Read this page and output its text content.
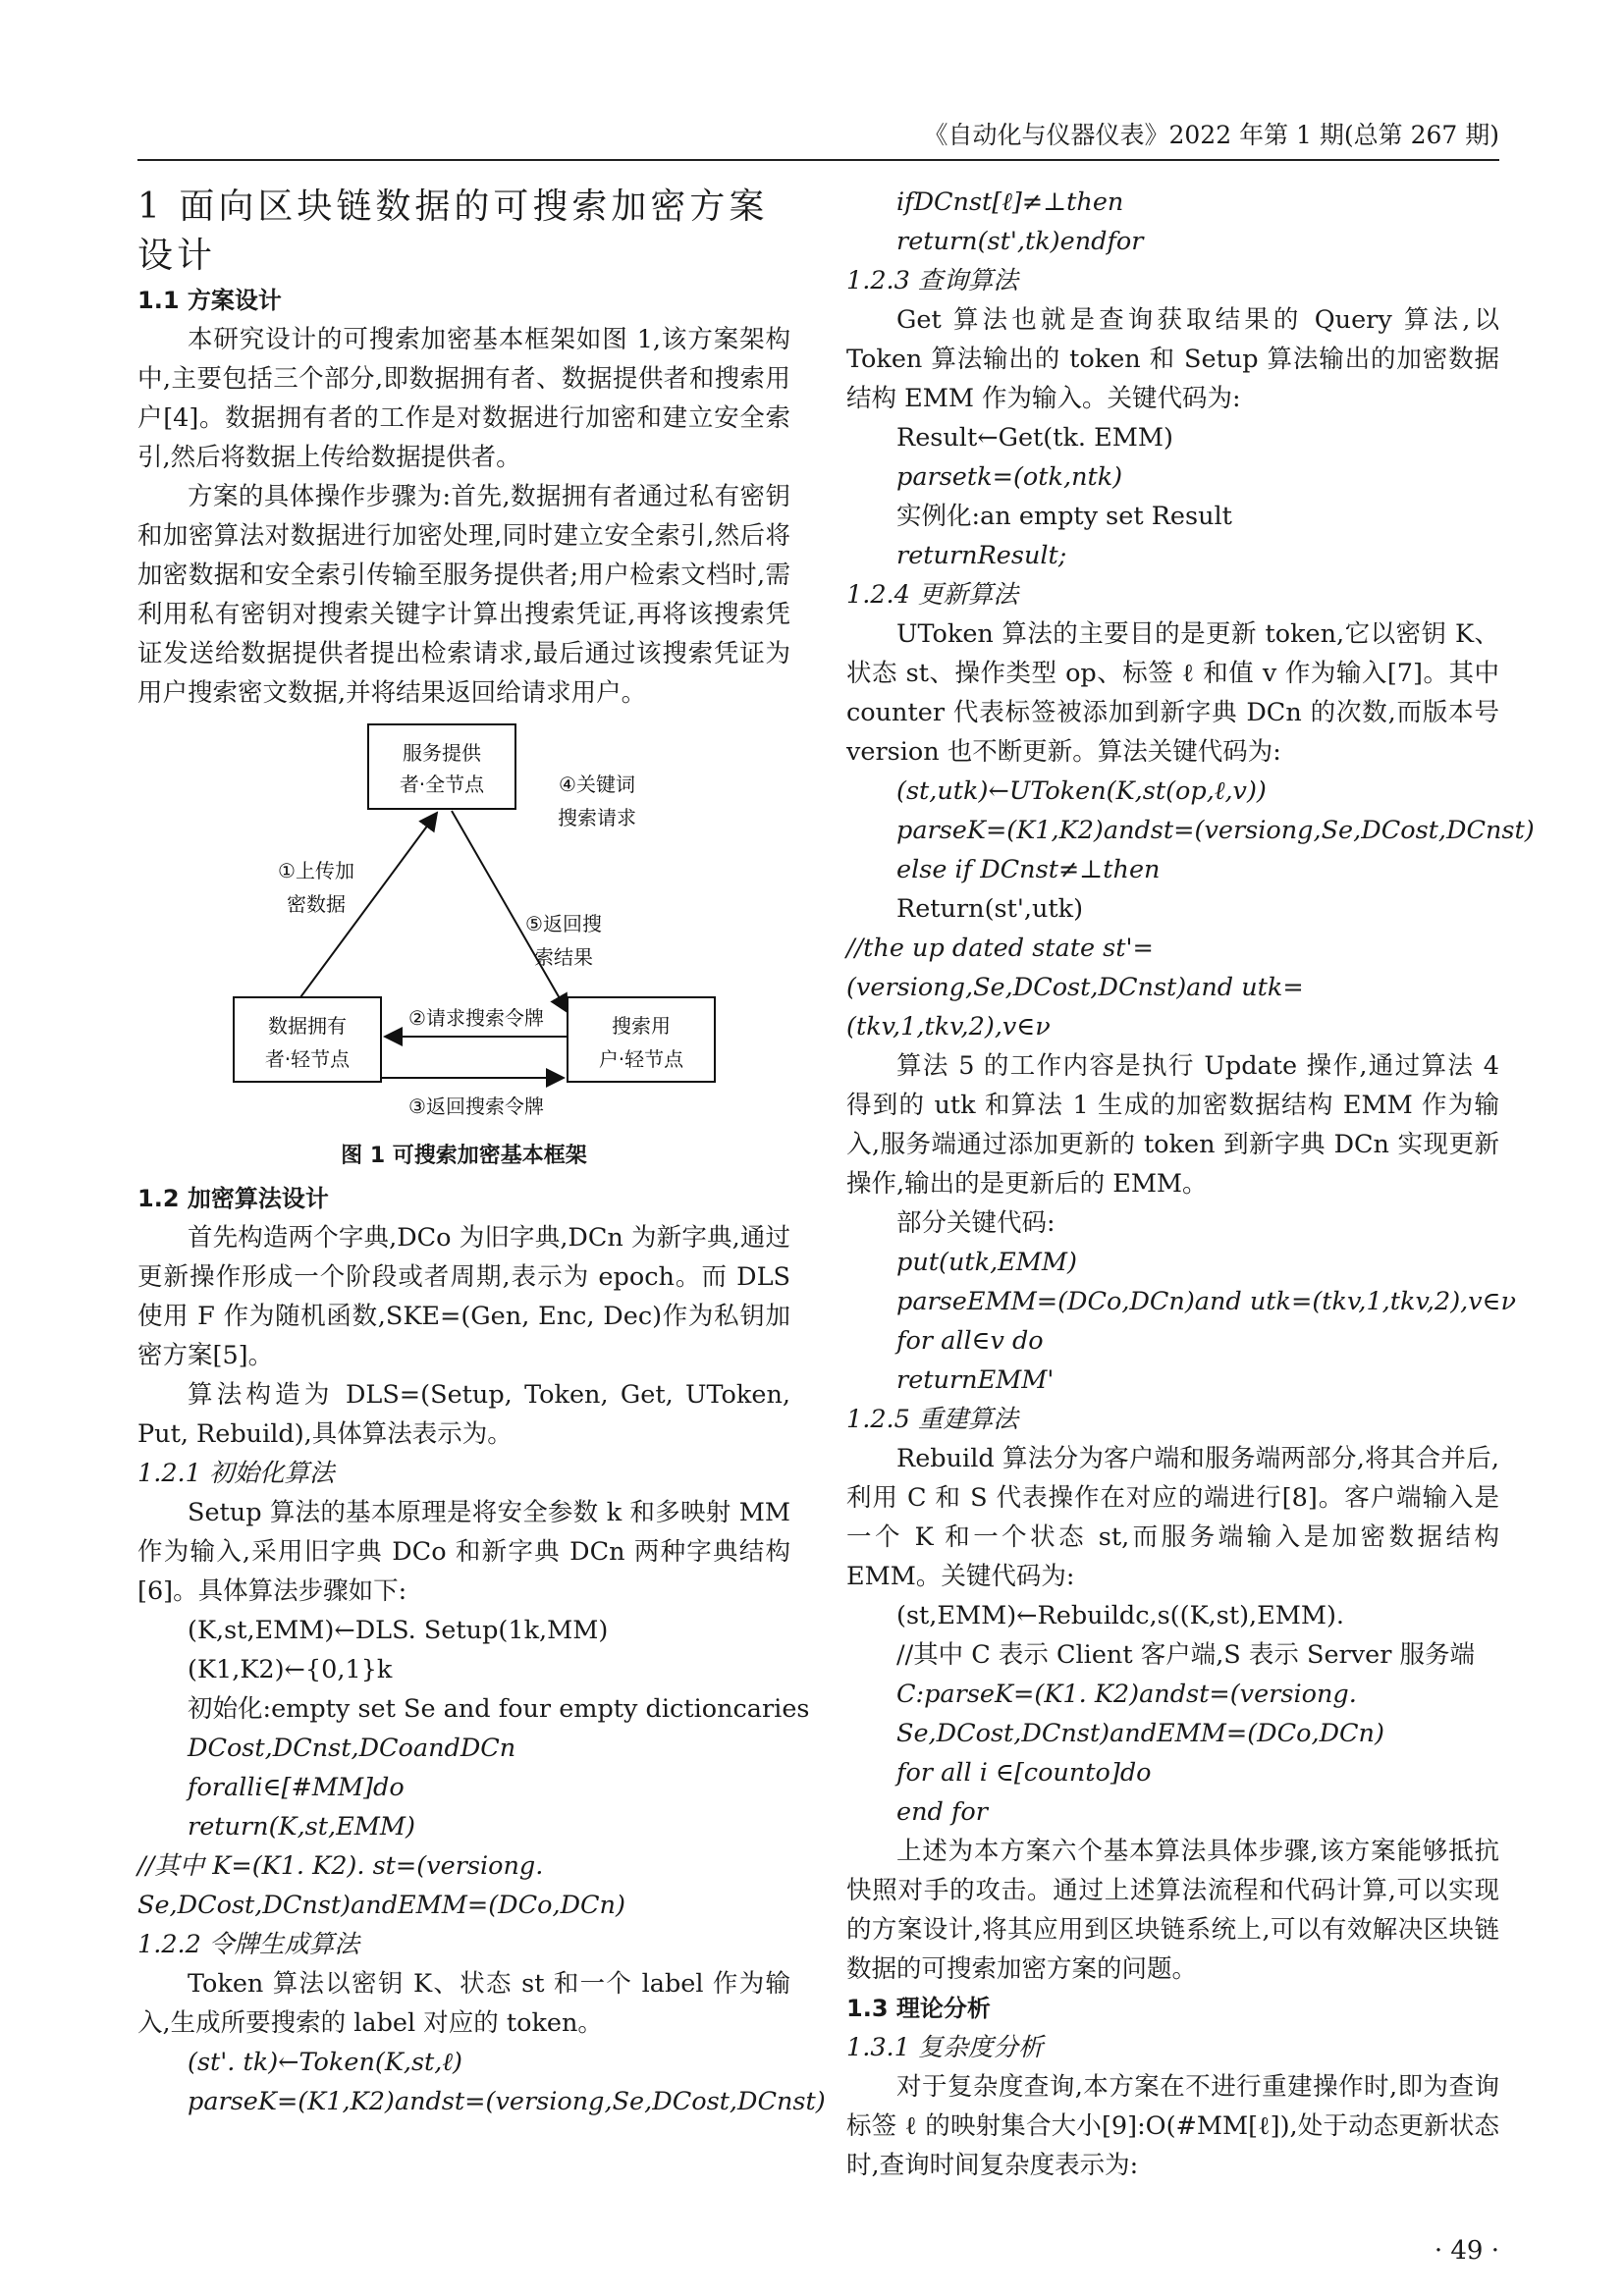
《自动化与仪器仪表》2022 年第 1 期(总第 267 期)

1 面向区块链数据的可搜索加密方案设计

1.1 方案设计

本研究设计的可搜索加密基本框架如图 1,该方案架构中,主要包括三个部分,即数据拥有者、数据提供者和搜索用户[4]。数据拥有者的工作是对数据进行加密和建立安全索引,然后将数据上传给数据提供者。

方案的具体操作步骤为:首先,数据拥有者通过私有密钥和加密算法对数据进行加密处理,同时建立安全索引,然后将加密数据和安全索引传输至服务提供者;用户检索文档时,需利用私有密钥对搜索关键字计算出搜索凭证,再将该搜索凭证发送给数据提供者提出检索请求,最后通过该搜索凭证为用户搜索密文数据,并将结果返回给请求用户。

服务提供
者·全节点
数据拥有
者·轻节点
搜索用
户·轻节点
①上传加
密数据
②请求搜索令牌
③返回搜索令牌
④关键词
搜索请求
⑤返回搜
索结果
图 1 可搜索加密基本框架

1.2 加密算法设计

首先构造两个字典,DCo 为旧字典,DCn 为新字典,通过更新操作形成一个阶段或者周期,表示为 epoch。而 DLS 使用 F 作为随机函数,SKE=(Gen, Enc, Dec)作为私钥加密方案[5]。

算法构造为 DLS=(Setup, Token, Get, UToken, Put, Rebuild),具体算法表示为。

1.2.1 初始化算法

Setup 算法的基本原理是将安全参数 k 和多映射 MM 作为输入,采用旧字典 DCo 和新字典 DCn 两种字典结构[6]。具体算法步骤如下:

(K,st,EMM)←DLS. Setup(1k,MM)

(K1,K2)←{0,1}k

初始化:empty set Se and four empty dictioncaries

DCost,DCnst,DCoandDCn

foralli∈[#MM]do

return(K,st,EMM)

//其中 K=(K1. K2). st=(versiong. Se,DCost,DCnst)andEMM=(DCo,DCn)

1.2.2 令牌生成算法

Token 算法以密钥 K、状态 st 和一个 label 作为输入,生成所要搜索的 label 对应的 token。

(st'. tk)←Token(K,st,ℓ)

parseK=(K1,K2)andst=(versiong,Se,DCost,DCnst)

ifDCnst[ℓ]≠⊥then

return(st',tk)endfor

1.2.3 查询算法

Get 算法也就是查询获取结果的 Query 算法,以 Token 算法输出的 token 和 Setup 算法输出的加密数据结构 EMM 作为输入。关键代码为:

Result←Get(tk. EMM)

parsetk=(otk,ntk)

实例化:an empty set Result

returnResult;

1.2.4 更新算法

UToken 算法的主要目的是更新 token,它以密钥 K、状态 st、操作类型 op、标签 ℓ 和值 v 作为输入[7]。其中 counter 代表标签被添加到新字典 DCn 的次数,而版本号 version 也不断更新。算法关键代码为:

(st,utk)←UToken(K,st(op,ℓ,v))

parseK=(K1,K2)andst=(versiong,Se,DCost,DCnst)

else if DCnst≠⊥then

Return(st',utk)

//the up dated state st'=(versiong,Se,DCost,DCnst)and utk=(tkv,1,tkv,2),v∈ν

算法 5 的工作内容是执行 Update 操作,通过算法 4 得到的 utk 和算法 1 生成的加密数据结构 EMM 作为输入,服务端通过添加更新的 token 到新字典 DCn 实现更新操作,输出的是更新后的 EMM。

部分关键代码:

put(utk,EMM)

parseEMM=(DCo,DCn)and utk=(tkv,1,tkv,2),v∈ν

for all∈v do

returnEMM'

1.2.5 重建算法

Rebuild 算法分为客户端和服务端两部分,将其合并后,利用 C 和 S 代表操作在对应的端进行[8]。客户端输入是一个 K 和一个状态 st,而服务端输入是加密数据结构 EMM。关键代码为:

(st,EMM)←Rebuildc,s((K,st),EMM).

//其中 C 表示 Client 客户端,S 表示 Server 服务端

C:parseK=(K1. K2)andst=(versiong. Se,DCost,DCnst)andEMM=(DCo,DCn)

for all i ∈[counto]do

end for

上述为本方案六个基本算法具体步骤,该方案能够抵抗快照对手的攻击。通过上述算法流程和代码计算,可以实现的方案设计,将其应用到区块链系统上,可以有效解决区块链数据的可搜索加密方案的问题。

1.3 理论分析

1.3.1 复杂度分析

对于复杂度查询,本方案在不进行重建操作时,即为查询标签 ℓ 的映射集合大小[9]:O(#MM[ℓ]),处于动态更新状态时,查询时间复杂度表示为:

· 49 ·
